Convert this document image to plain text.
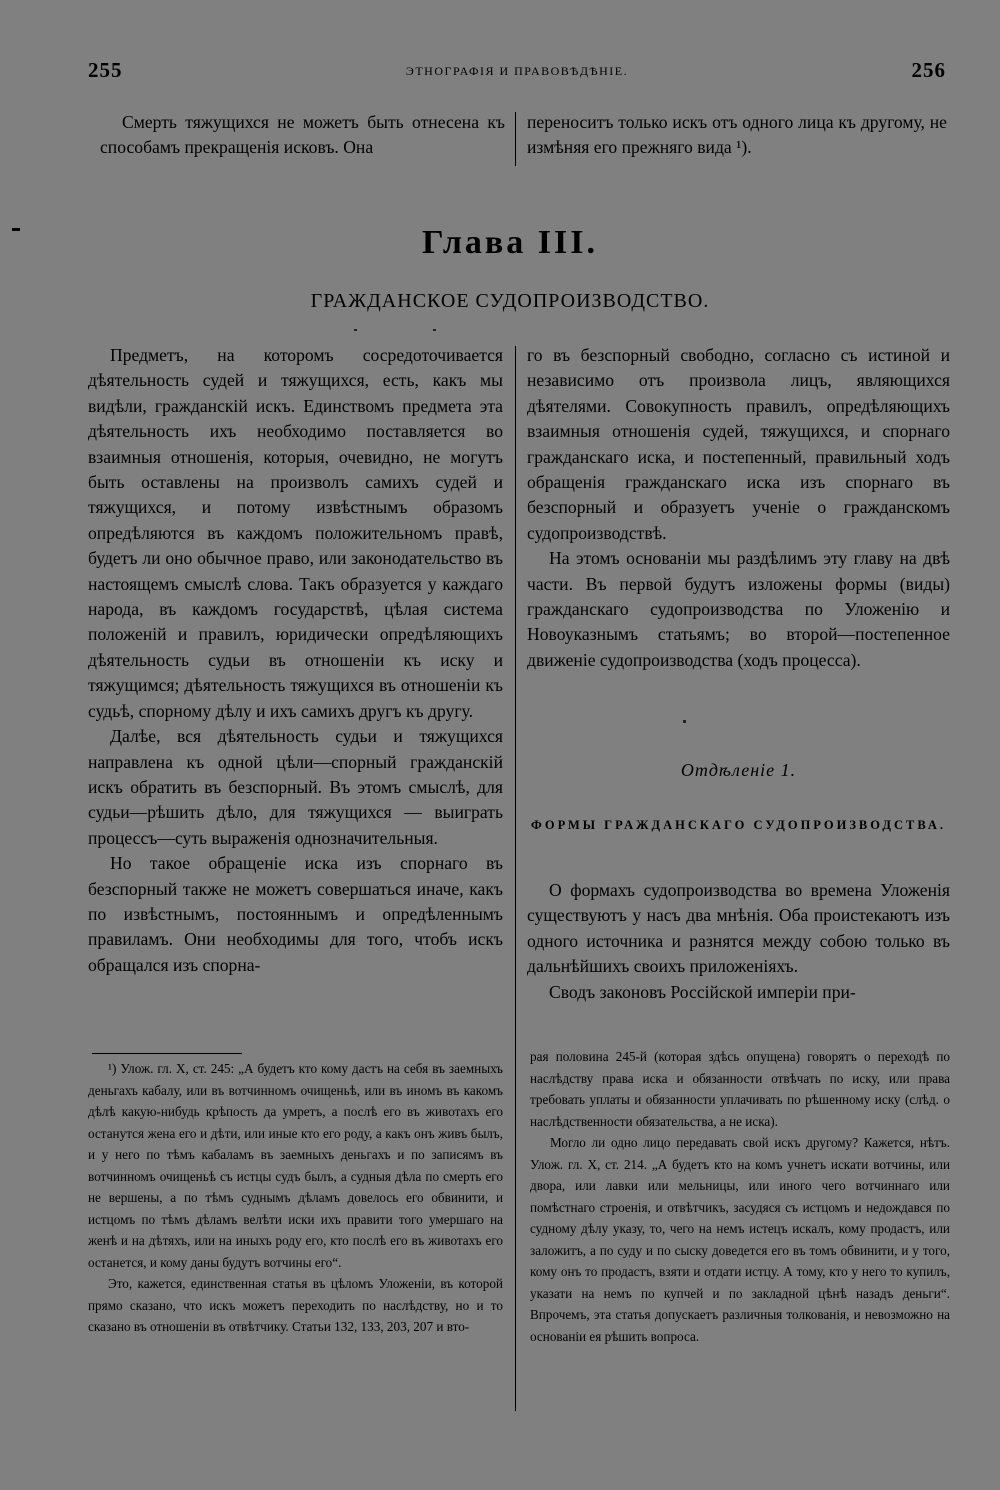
255	ЭТНОГРАФІЯ И ПРАВОВѢДѢНІЕ.	256

Смерть тяжущихся не можетъ быть отнесена къ способамъ прекращенія исковъ. Она

переноситъ только искъ отъ одного лица къ другому, не измѣняя его прежняго вида ¹).

Глава III.
ГРАЖДАНСКОЕ СУДОПРОИЗВОДСТВО.

Предметъ, на которомъ сосредоточивается дѣятельность судей и тяжущихся, есть, какъ мы видѣли, гражданскій искъ. Единствомъ предмета эта дѣятельность ихъ необходимо поставляется во взаимныя отношенія, которыя, очевидно, не могутъ быть оставлены на произволъ самихъ судей и тяжущихся, и потому извѣстнымъ образомъ опредѣляются въ каждомъ положительномъ правѣ, будетъ ли оно обычное право, или законодательство въ настоящемъ смыслѣ слова. Такъ образуется у каждаго народа, въ каждомъ государствѣ, цѣлая система положеній и правилъ, юридически опредѣляющихъ дѣятельность судьи въ отношеніи къ иску и тяжущимся; дѣятельность тяжущихся въ отношеніи къ судьѣ, спорному дѣлу и ихъ самихъ другъ къ другу.

Далѣе, вся дѣятельность судьи и тяжущихся направлена къ одной цѣли—спорный гражданскій искъ обратить въ безспорный. Въ этомъ смыслѣ, для судьи—рѣшить дѣло, для тяжущихся — выиграть процессъ—суть выраженія однозначительныя.

Но такое обращеніе иска изъ спорнаго въ безспорный также не можетъ совершаться иначе, какъ по извѣстнымъ, постояннымъ и опредѣленнымъ правиламъ. Они необходимы для того, чтобъ искъ обращался изъ спорна-

го въ безспорный свободно, согласно съ истиной и независимо отъ произвола лицъ, являющихся дѣятелями. Совокупность правилъ, опредѣляющихъ взаимныя отношенія судей, тяжущихся, и спорнаго гражданскаго иска, и постепенный, правильный ходъ обращенія гражданскаго иска изъ спорнаго въ безспорный и образуетъ ученіе о гражданскомъ судопроизводствѣ.

На этомъ основаніи мы раздѣлимъ эту главу на двѣ части. Въ первой будутъ изложены формы (виды) гражданскаго судопроизводства по Уложенію и Новоуказнымъ статьямъ; во второй—постепенное движеніе судопроизводства (ходъ процесса).

Отдѣленіе 1.
ФОРМЫ ГРАЖДАНСКАГО СУДОПРОИЗВОДСТВА.

О формахъ судопроизводства во времена Уложенія существуютъ у насъ два мнѣнія. Оба проистекаютъ изъ одного источника и разнятся между собою только въ дальнѣйшихъ своихъ приложеніяхъ.

Сводъ законовъ Россійской имперіи при-

¹) Улож. гл. X, ст. 245: „А будетъ кто кому дастъ на себя въ заемныхъ деньгахъ кабалу, или въ вотчинномъ очищеньѣ, или въ иномъ въ какомъ дѣлѣ какую-нибудь крѣпость да умретъ, а послѣ его въ животахъ его останутся жена его и дѣти, или иные кто его роду, а какъ онъ живъ былъ, и у него по тѣмъ кабаламъ въ заемныхъ деньгахъ и по записямъ въ вотчинномъ очищеньѣ съ истцы судъ былъ, а судныя дѣла по смерть его не вершены, а по тѣмъ суднымъ дѣламъ довелось его обвинити, и истцомъ по тѣмъ дѣламъ велѣти иски ихъ правити того умершаго на женѣ и на дѣтяхъ, или на иныхъ роду его, кто послѣ его въ животахъ его останется, и кому даны будутъ вотчины его“.

Это, кажется, единственная статья въ цѣломъ Уложеніи, въ которой прямо сказано, что искъ можетъ переходить по наслѣдству, но и то сказано въ отношеніи въ отвѣтчику. Статьи 132, 133, 203, 207 и вто-

рая половина 245-й (которая здѣсь опущена) говорятъ о переходѣ по наслѣдству права иска и обязанности отвѣчать по иску, или права требовать уплаты и обязанности уплачивать по рѣшенному иску (слѣд. о наслѣдственности обязательства, а не иска).

Могло ли одно лицо передавать свой искъ другому? Кажется, нѣтъ. Улож. гл. X, ст. 214. „А будетъ кто на комъ учнетъ искати вотчины, или двора, или лавки или мельницы, или иного чего вотчиннаго или помѣстнаго строенія, и отвѣтчикъ, засудяся съ истцомъ и недождався по судному дѣлу указу, то, чего на немъ истецъ искалъ, кому продастъ, или заложитъ, а по суду и по сыску доведется его въ томъ обвинити, и у того, кому онъ то продастъ, взяти и отдати истцу. А тому, кто у него то купилъ, указати на немъ по купчей и по закладной цѣнѣ назадъ деньги“. Впрочемъ, эта статья допускаетъ различныя толкованія, и невозможно на основаніи ея рѣшить вопроса.
